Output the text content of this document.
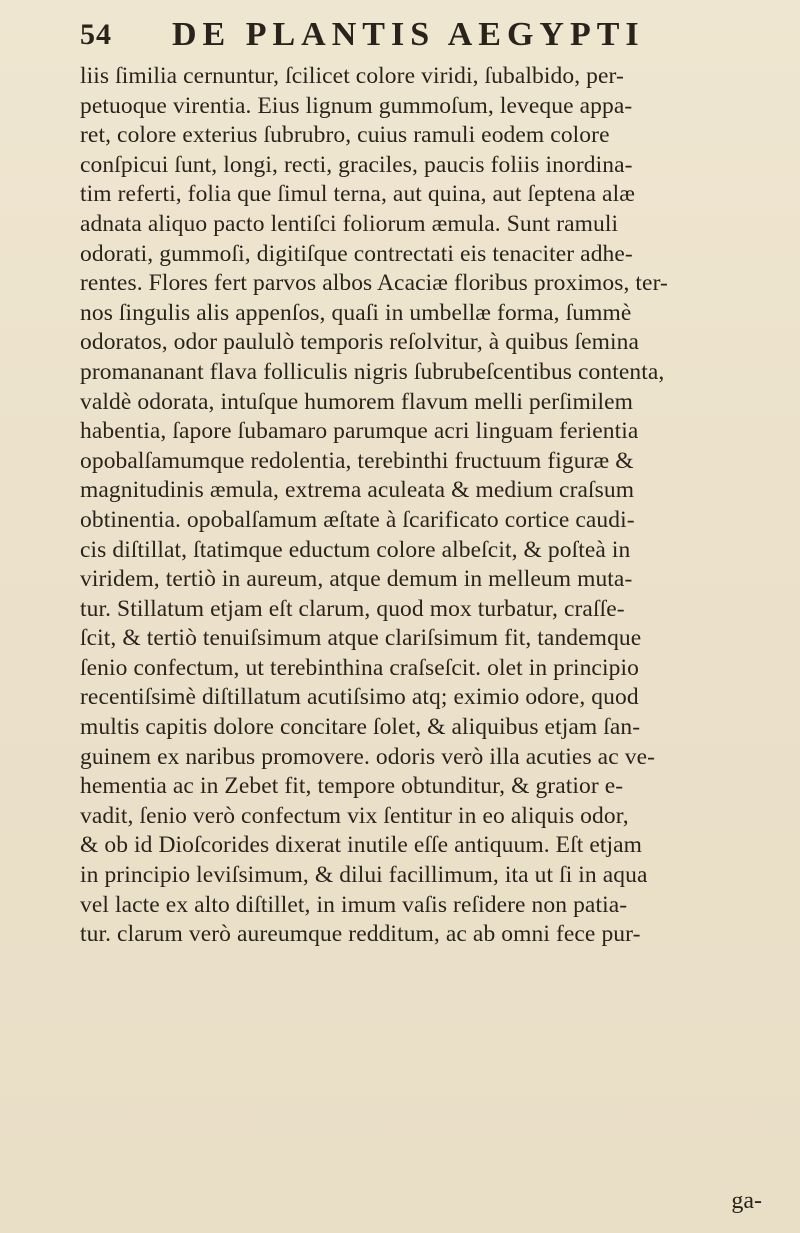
54 DE PLANTIS AEGYPTI
liis ſimilia cernuntur, ſcilicet colore viridi, ſubalbido, per-
petuoque virentia. Eius lignum gummoſum, leveque appa-
ret, colore exterius ſubrubro, cuius ramuli eodem colore
conſpicui ſunt, longi, recti, graciles, paucis foliis inordina-
tim referti, folia que ſimul terna, aut quina, aut ſeptena alæ
adnata aliquo pacto lentiſci foliorum æmula. Sunt ramuli
odorati, gummoſi, digitiſque contrectati eis tenaciter adhe-
rentes. Flores fert parvos albos Acaciæ floribus proximos, ter-
nos ſingulis alis appenſos, quaſi in umbellæ forma, ſummè
odoratos, odor paululò temporis reſolvitur, à quibus ſemina
promananant flava folliculis nigris ſubrubeſcentibus contenta,
valdè odorata, intuſque humorem flavum melli perſimilem
habentia, ſapore ſubamaro parumque acri linguam ferientia
opobalſamumque redolentia, terebinthi fructuum figuræ &
magnitudinis æmula, extrema aculeata & medium craſsum
obtinentia. opobalſamum æſtate à ſcarificato cortice caudi-
cis diſtillat, ſtatimque eductum colore albeſcit, & poſteà in
viridem, tertiò in aureum, atque demum in melleum muta-
tur. Stillatum etjam eſt clarum, quod mox turbatur, craſſe-
ſcit, & tertiò tenuiſsimum atque clariſsimum fit, tandemque
ſenio confectum, ut terebinthina craſseſcit. olet in principio
recentiſsimè diſtillatum acutiſsimo atq; eximio odore, quod
multis capitis dolore concitare ſolet, & aliquibus etjam ſan-
guinem ex naribus promovere. odoris verò illa acuties ac ve-
hementia ac in Zebet fit, tempore obtunditur, & gratior e-
vadit, ſenio verò confectum vix ſentitur in eo aliquis odor,
& ob id Dioſcorides dixerat inutile eſſe antiquum. Eſt etjam
in principio leviſsimum, & dilui facillimum, ita ut ſi in aqua
vel lacte ex alto diſtillet, in imum vaſis reſidere non patia-
tur. clarum verò aureumque redditum, ac ab omni fece pur-
ga-
